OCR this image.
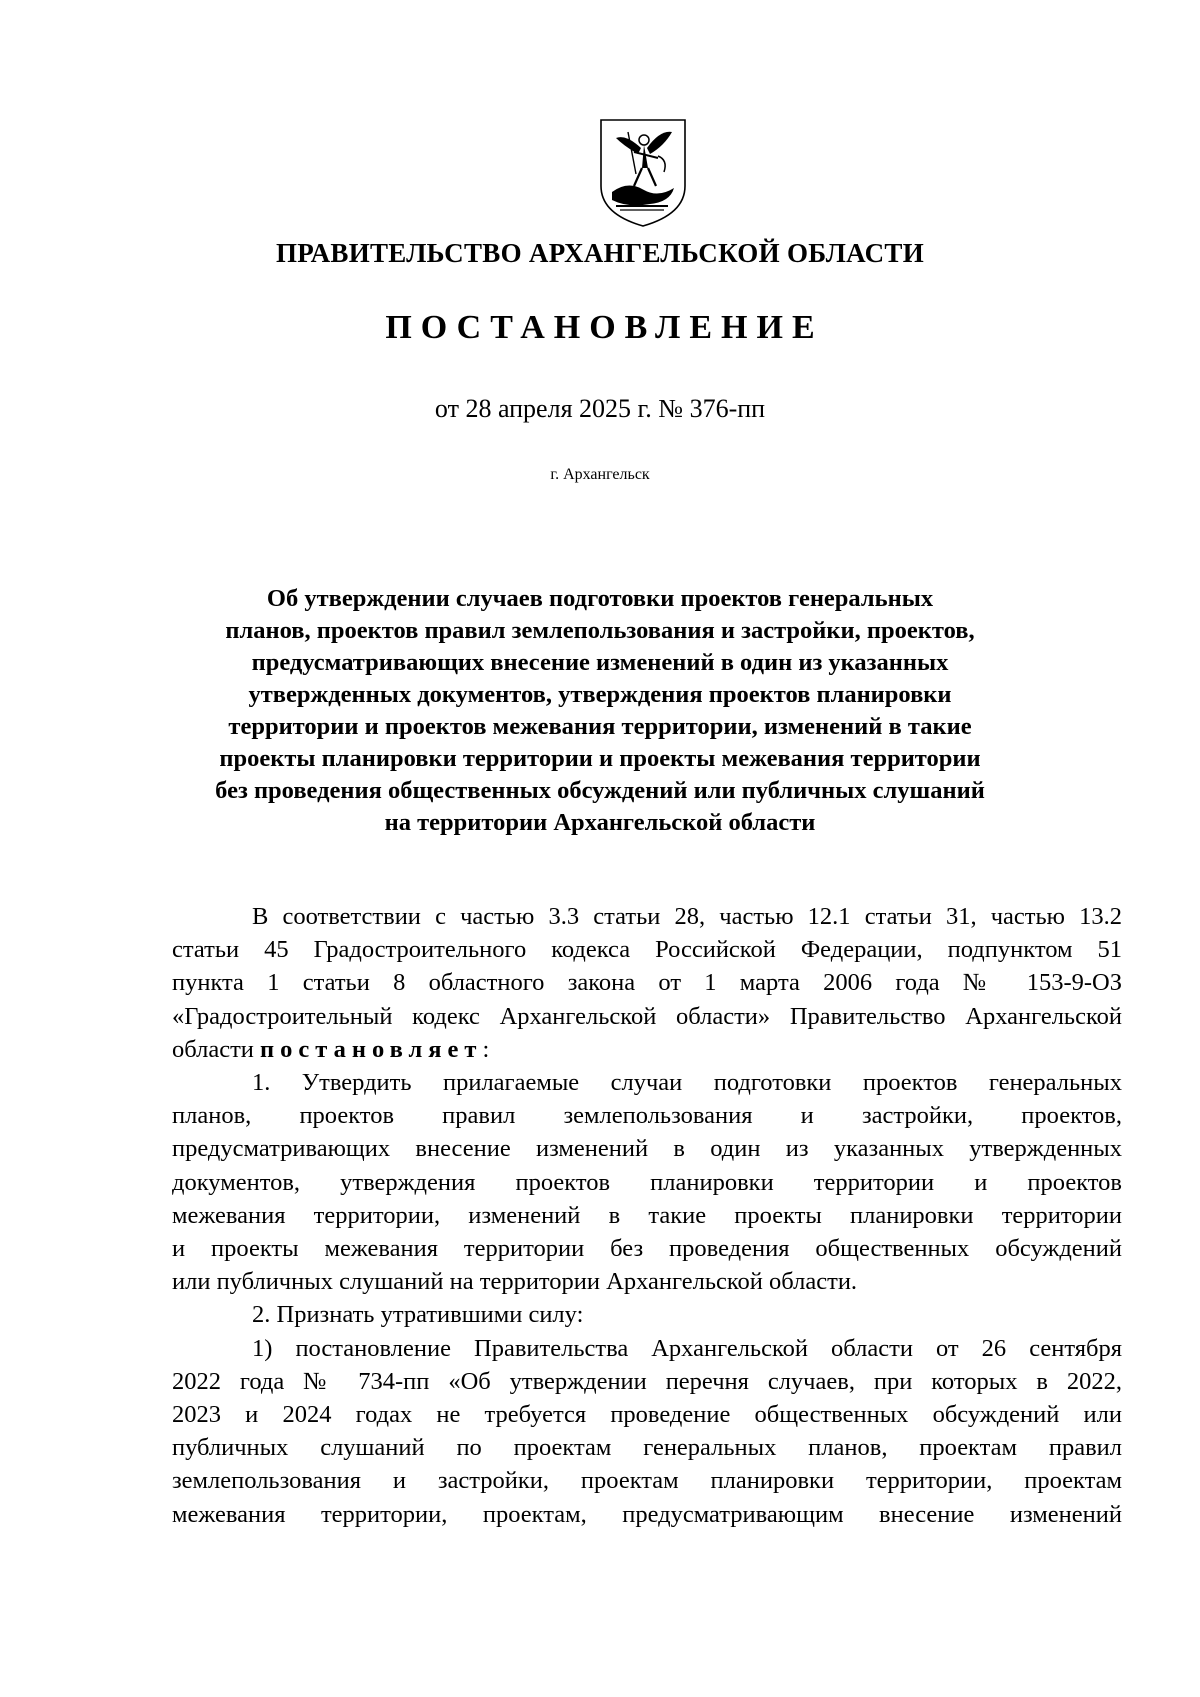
ПРАВИТЕЛЬСТВО АРХАНГЕЛЬСКОЙ ОБЛАСТИ
ПОСТАНОВЛЕНИЕ
от 28 апреля 2025 г. № 376-пп
г. Архангельск
Об утверждении случаев подготовки проектов генеральных
планов, проектов правил землепользования и застройки, проектов,
предусматривающих внесение изменений в один из указанных
утвержденных документов, утверждения проектов планировки
территории и проектов межевания территории, изменений в такие
проекты планировки территории и проекты межевания территории
без проведения общественных обсуждений или публичных слушаний
на территории Архангельской области
В соответствии с частью 3.3 статьи 28, частью 12.1 статьи 31, частью 13.2
статьи 45 Градостроительного кодекса Российской Федерации, подпунктом 51
пункта 1 статьи 8 областного закона от 1 марта 2006 года № 153-9-ОЗ
«Градостроительный кодекс Архангельской области» Правительство Архангельской
области постановляет:
1. Утвердить прилагаемые случаи подготовки проектов генеральных
планов, проектов правил землепользования и застройки, проектов,
предусматривающих внесение изменений в один из указанных утвержденных
документов, утверждения проектов планировки территории и проектов
межевания территории, изменений в такие проекты планировки территории
и проекты межевания территории без проведения общественных обсуждений
или публичных слушаний на территории Архангельской области.
2. Признать утратившими силу:
1) постановление Правительства Архангельской области от 26 сентября
2022 года № 734-пп «Об утверждении перечня случаев, при которых в 2022,
2023 и 2024 годах не требуется проведение общественных обсуждений или
публичных слушаний по проектам генеральных планов, проектам правил
землепользования и застройки, проектам планировки территории, проектам
межевания территории, проектам, предусматривающим внесение изменений
